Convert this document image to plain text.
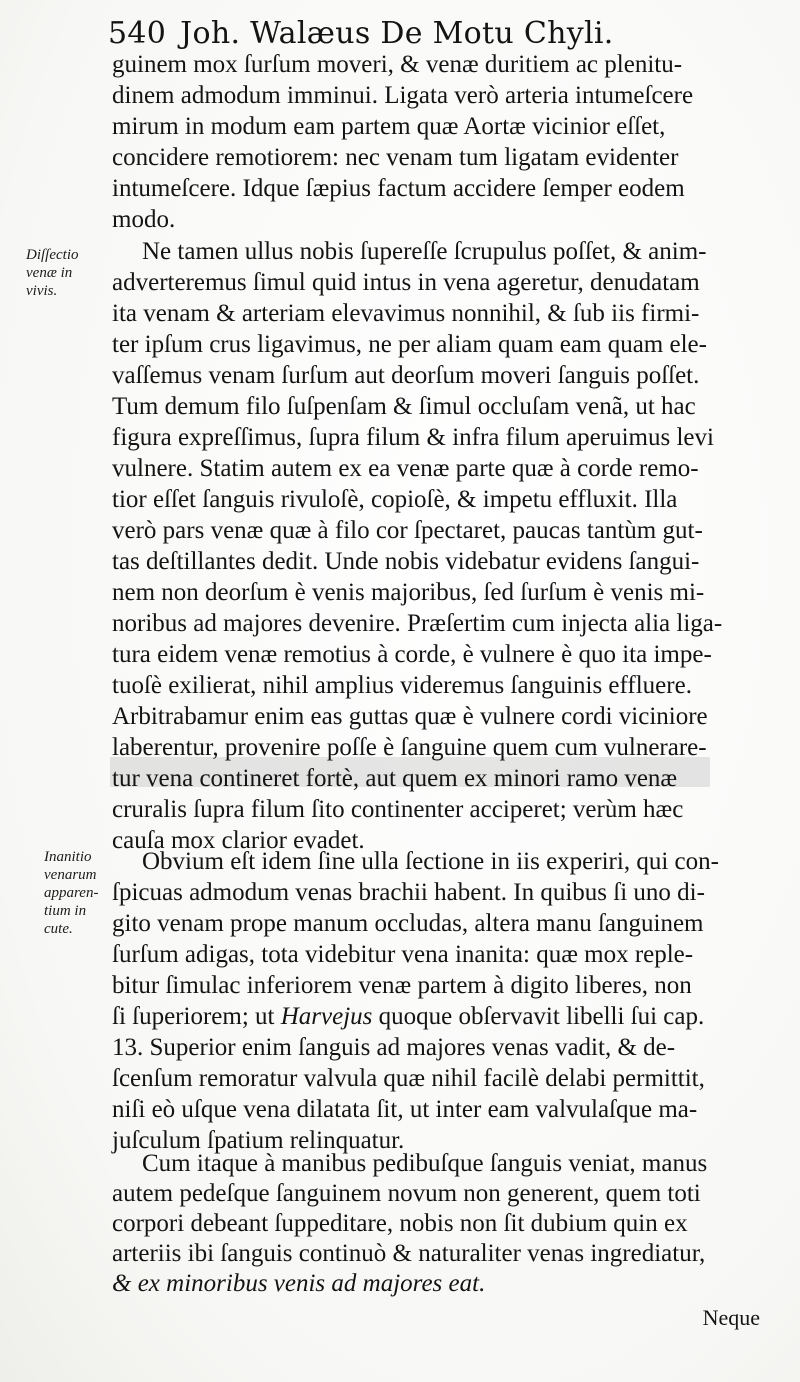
540 Joh. Walæus De Motu Chyli.
guinem mox ſurſum moveri, & venæ duritiem ac plenitu-
dinem admodum imminui. Ligata verò arteria intumeſcere
mirum in modum eam partem quæ Aortæ vicinior eſſet,
concidere remotiorem: nec venam tum ligatam evidenter
intumeſcere. Idque ſæpius factum accidere ſemper eodem
modo.
Diſſectio
venæ in
vivis.
Ne tamen ullus nobis ſupereſſe ſcrupulus poſſet, & anim-
adverteremus ſimul quid intus in vena ageretur, denudatam
ita venam & arteriam elevavimus nonnihil, & ſub iis firmi-
ter ipſum crus ligavimus, ne per aliam quam eam quam ele-
vaſſemus venam ſurſum aut deorſum moveri ſanguis poſſet.
Tum demum filo ſuſpenſam & ſimul occluſam venã, ut hac
figura expreſſimus, ſupra filum & infra filum aperuimus levi
vulnere. Statim autem ex ea venæ parte quæ à corde remo-
tior eſſet ſanguis rivuloſè, copioſè, & impetu effluxit. Illa
verò pars venæ quæ à filo cor ſpectaret, paucas tantùm gut-
tas deſtillantes dedit. Unde nobis videbatur evidens ſangui-
nem non deorſum è venis majoribus, ſed ſurſum è venis mi-
noribus ad majores devenire. Præſertim cum injecta alia liga-
tura eidem venæ remotius à corde, è vulnere è quo ita impe-
tuoſè exilierat, nihil amplius videremus ſanguinis effluere.
Arbitrabamur enim eas guttas quæ è vulnere cordi viciniore
laberentur, provenire poſſe è ſanguine quem cum vulnerare-
tur vena contineret fortè, aut quem ex minori ramo venæ
cruralis ſupra filum ſito continenter acciperet; verùm hæc
cauſa mox clarior evadet.
Inanitio
venarum
apparen-
tium in
cute.
Obvium eſt idem ſine ulla ſectione in iis experiri, qui con-
ſpicuas admodum venas brachii habent. In quibus ſi uno di-
gito venam prope manum occludas, altera manu ſanguinem
ſurſum adigas, tota videbitur vena inanita: quæ mox reple-
bitur ſimulac inferiorem venæ partem à digito liberes, non
ſi ſuperiorem; ut Harvejus quoque obſervavit libelli ſui cap.
13. Superior enim ſanguis ad majores venas vadit, & de-
ſcenſum remoratur valvula quæ nihil facilè delabi permittit,
niſi eò uſque vena dilatata ſit, ut inter eam valvulaſque ma-
juſculum ſpatium relinquatur.
Cum itaque à manibus pedibuſque ſanguis veniat, manus
autem pedeſque ſanguinem novum non generent, quem toti
corpori debeant ſuppeditare, nobis non ſit dubium quin ex
arteriis ibi ſanguis continuò & naturaliter venas ingrediatur,
& ex minoribus venis ad majores eat.
Neque
